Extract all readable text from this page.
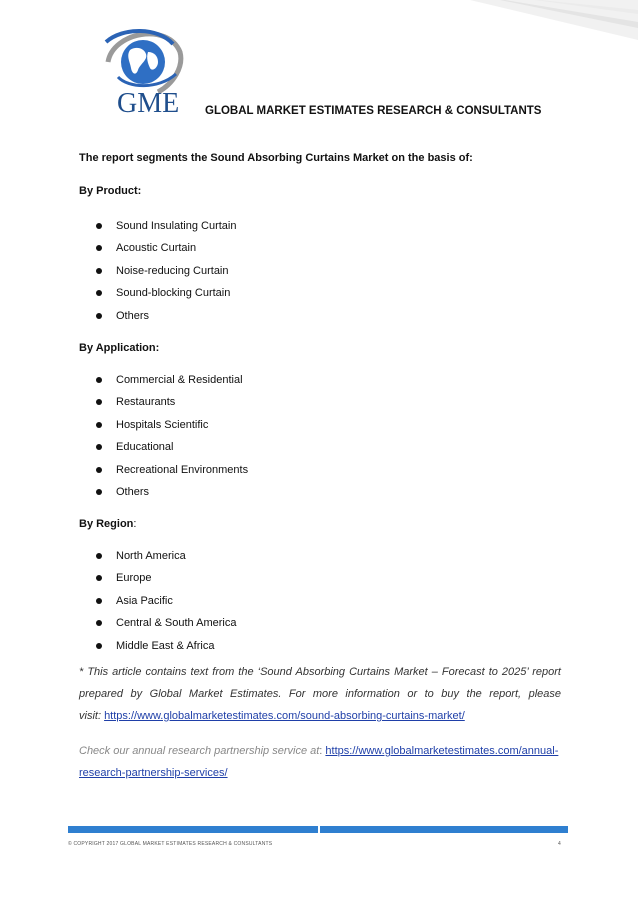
GME GLOBAL MARKET ESTIMATES RESEARCH & CONSULTANTS
The report segments the Sound Absorbing Curtains Market on the basis of:
By Product:
Sound Insulating Curtain
Acoustic Curtain
Noise-reducing Curtain
Sound-blocking Curtain
Others
By Application:
Commercial & Residential
Restaurants
Hospitals Scientific
Educational
Recreational Environments
Others
By Region:
North America
Europe
Asia Pacific
Central & South America
Middle East & Africa
* This article contains text from the ‘Sound Absorbing Curtains Market – Forecast to 2025’ report
prepared by Global Market Estimates. For more information or to buy the report, please
visit: https://www.globalmarketestimates.com/sound-absorbing-curtains-market/
Check our annual research partnership service at: https://www.globalmarketestimates.com/annual-
research-partnership-services/
© COPYRIGHT 2017 GLOBAL MARKET ESTIMATES RESEARCH & CONSULTANTS	4
